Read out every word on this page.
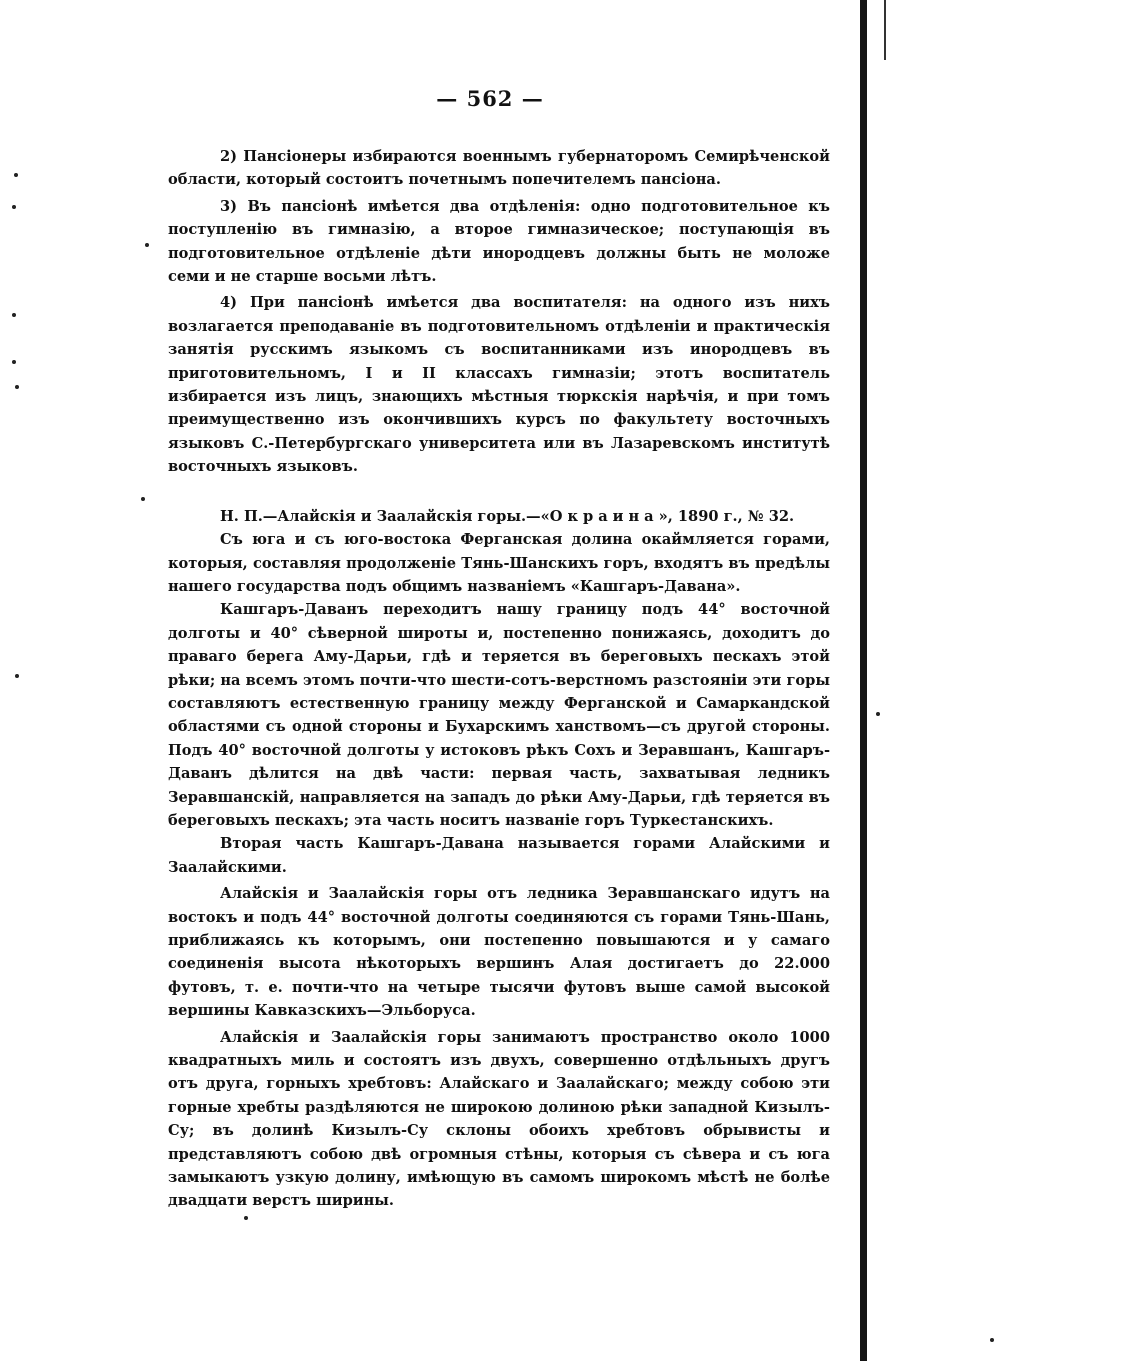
— 562 —

2) Пансіонеры избираются военнымъ губернаторомъ Семирѣченской области, который состоитъ почетнымъ попечителемъ пансіона.

3) Въ пансіонѣ имѣется два отдѣленія: одно подготовительное къ поступленію въ гимназію, а второе гимназическое; поступающія въ подготовительное отдѣленіе дѣти инородцевъ должны быть не моложе семи и не старше восьми лѣтъ.

4) При пансіонѣ имѣется два воспитателя: на одного изъ нихъ возлагается преподаваніе въ подготовительномъ отдѣленіи и практическія занятія русскимъ языкомъ съ воспитанниками изъ инородцевъ въ приготовительномъ, I и II классахъ гимназіи; этотъ воспитатель избирается изъ лицъ, знающихъ мѣстныя тюркскія нарѣчія, и при томъ преимущественно изъ окончившихъ курсъ по факультету восточныхъ языковъ С.-Петербургскаго университета или въ Лазаревскомъ институтѣ восточныхъ языковъ.

Н. П.—Алайскія и Заалайскія горы.—«Окраина», 1890 г., № 32.

Съ юга и съ юго-востока Ферганская долина окаймляется горами, которыя, составляя продолженіе Тянь-Шанскихъ горъ, входятъ въ предѣлы нашего государства подъ общимъ названіемъ «Кашгаръ-Давана».

Кашгаръ-Даванъ переходитъ нашу границу подъ 44° восточной долготы и 40° сѣверной широты и, постепенно понижаясь, доходитъ до праваго берега Аму-Дарьи, гдѣ и теряется въ береговыхъ пескахъ этой рѣки; на всемъ этомъ почти-что шести-сотъ-верстномъ разстояніи эти горы составляютъ естественную границу между Ферганской и Самаркандской областями съ одной стороны и Бухарскимъ ханствомъ—съ другой стороны. Подъ 40° восточной долготы у истоковъ рѣкъ Сохъ и Зеравшанъ, Кашгаръ-Даванъ дѣлится на двѣ части: первая часть, захватывая ледникъ Зеравшанскій, направляется на западъ до рѣки Аму-Дарьи, гдѣ теряется въ береговыхъ пескахъ; эта часть носитъ названіе горъ Туркестанскихъ.

Вторая часть Кашгаръ-Давана называется горами Алайскими и Заалайскими.

Алайскія и Заалайскія горы отъ ледника Зеравшанскаго идутъ на востокъ и подъ 44° восточной долготы соединяются съ горами Тянь-Шань, приближаясь къ которымъ, они постепенно повышаются и у самаго соединенія высота нѣкоторыхъ вершинъ Алая достигаетъ до 22.000 футовъ, т. е. почти-что на четыре тысячи футовъ выше самой высокой вершины Кавказскихъ—Эльборуса.

Алайскія и Заалайскія горы занимаютъ пространство около 1000 квадратныхъ миль и состоятъ изъ двухъ, совершенно отдѣльныхъ другъ отъ друга, горныхъ хребтовъ: Алайскаго и Заалайскаго; между собою эти горные хребты раздѣляются не широкою долиною рѣки западной Кизылъ-Су; въ долинѣ Кизылъ-Су склоны обоихъ хребтовъ обрывисты и представляютъ собою двѣ огромныя стѣны, которыя съ сѣвера и съ юга замыкаютъ узкую долину, имѣющую въ самомъ широкомъ мѣстѣ не болѣе двадцати верстъ ширины.
